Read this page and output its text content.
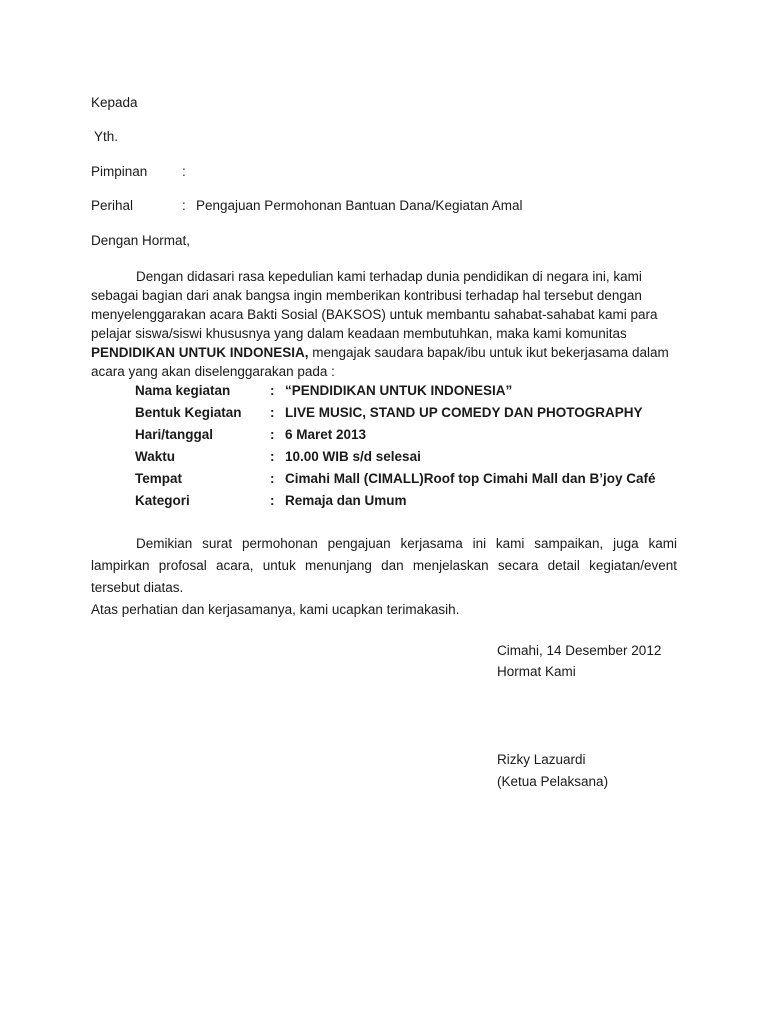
Kepada
Yth.
Pimpinan	:
Perihal	: Pengajuan Permohonan Bantuan Dana/Kegiatan Amal
Dengan Hormat,

Dengan didasari rasa kepedulian kami terhadap dunia pendidikan di negara ini, kami sebagai bagian dari anak bangsa ingin memberikan kontribusi terhadap hal tersebut dengan menyelenggarakan acara Bakti Sosial (BAKSOS) untuk membantu sahabat-sahabat kami para pelajar siswa/siswi khususnya yang dalam keadaan membutuhkan, maka kami komunitas PENDIDIKAN UNTUK INDONESIA, mengajak saudara bapak/ibu untuk ikut bekerjasama dalam acara yang akan diselenggarakan pada :

Nama kegiatan	:	“PENDIDIKAN UNTUK INDONESIA”
Bentuk Kegiatan	:	LIVE MUSIC, STAND UP COMEDY DAN PHOTOGRAPHY
Hari/tanggal	:	6 Maret 2013
Waktu	:	10.00 WIB s/d selesai
Tempat	:	Cimahi Mall (CIMALL)Roof top Cimahi Mall dan B’joy Café
Kategori	:	Remaja dan Umum

Demikian surat permohonan pengajuan kerjasama ini kami sampaikan, juga kami lampirkan profosal acara, untuk menunjang dan menjelaskan secara detail kegiatan/event tersebut diatas.

Atas perhatian dan kerjasamanya, kami ucapkan terimakasih.

Cimahi, 14 Desember 2012
Hormat Kami
Rizky Lazuardi
(Ketua Pelaksana)
